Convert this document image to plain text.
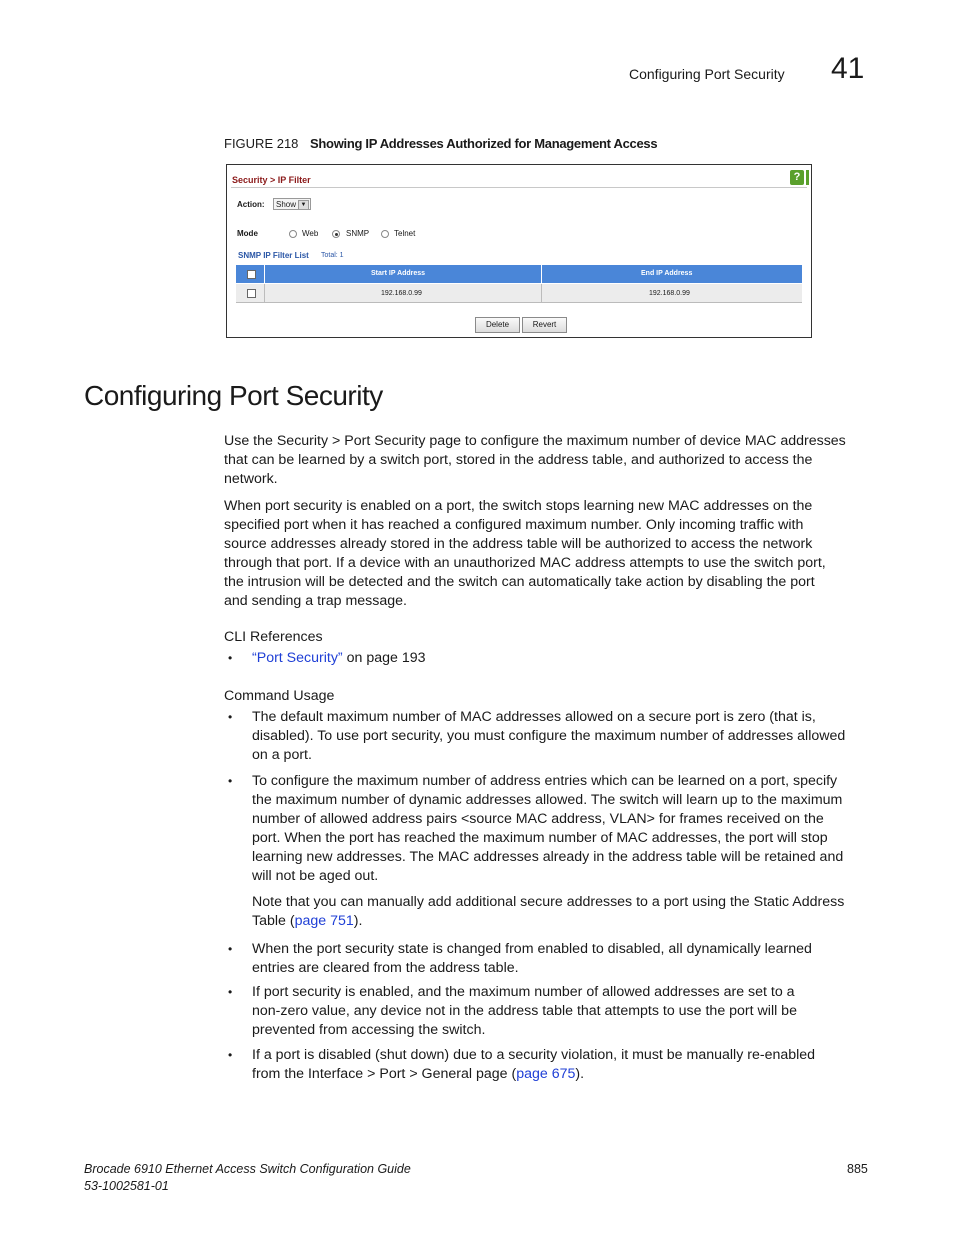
Configuring Port Security 41
FIGURE 218 Showing IP Addresses Authorized for Management Access
Security > IP Filter	?
Action:	Show ▼
Mode	Web	SNMP	Telnet
SNMP IP Filter List Total: 1
Start IP Address	End IP Address
192.168.0.99	192.168.0.99
Delete	Revert
Configuring Port Security
Use the Security > Port Security page to configure the maximum number of device MAC addresses
that can be learned by a switch port, stored in the address table, and authorized to access the
network.
When port security is enabled on a port, the switch stops learning new MAC addresses on the
specified port when it has reached a configured maximum number. Only incoming traffic with
source addresses already stored in the address table will be authorized to access the network
through that port. If a device with an unauthorized MAC address attempts to use the switch port,
the intrusion will be detected and the switch can automatically take action by disabling the port
and sending a trap message.
CLI References
• “Port Security” on page 193
Command Usage
• The default maximum number of MAC addresses allowed on a secure port is zero (that is,
disabled). To use port security, you must configure the maximum number of addresses allowed
on a port.
• To configure the maximum number of address entries which can be learned on a port, specify
the maximum number of dynamic addresses allowed. The switch will learn up to the maximum
number of allowed address pairs <source MAC address, VLAN> for frames received on the
port. When the port has reached the maximum number of MAC addresses, the port will stop
learning new addresses. The MAC addresses already in the address table will be retained and
will not be aged out.
Note that you can manually add additional secure addresses to a port using the Static Address
Table (page 751).
• When the port security state is changed from enabled to disabled, all dynamically learned
entries are cleared from the address table.
• If port security is enabled, and the maximum number of allowed addresses are set to a
non-zero value, any device not in the address table that attempts to use the port will be
prevented from accessing the switch.
• If a port is disabled (shut down) due to a security violation, it must be manually re-enabled
from the Interface > Port > General page (page 675).
Brocade 6910 Ethernet Access Switch Configuration Guide
53-1002581-01
885
